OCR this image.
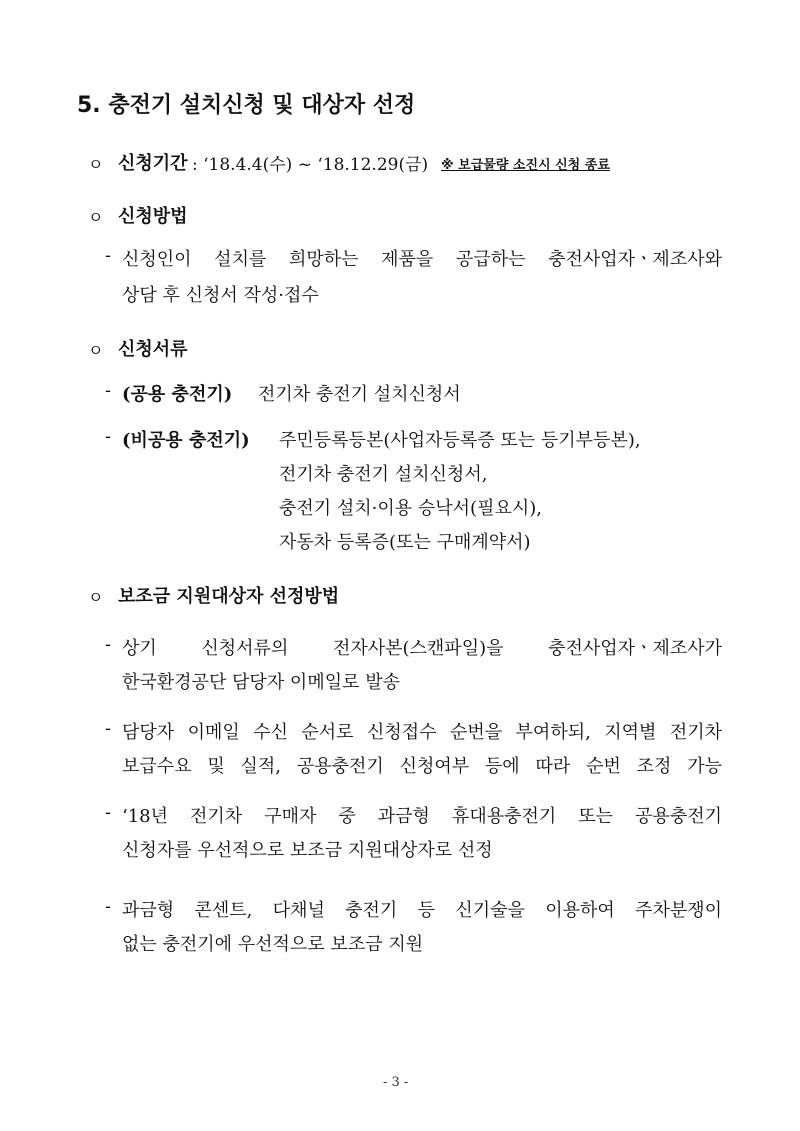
5. 충전기 설치신청 및 대상자 선정
ㅇ 신청기간 : ‘18.4.4(수) ~ ‘18.12.29(금) ※ 보급물량 소진시 신청 종료
ㅇ 신청방법
- 신청인이 설치를 희망하는 제품을 공급하는 충전사업자ㆍ제조사와
상담 후 신청서 작성·접수
ㅇ 신청서류
- (공용 충전기) 전기차 충전기 설치신청서
- (비공용 충전기) 주민등록등본(사업자등록증 또는 등기부등본),
전기차 충전기 설치신청서,
충전기 설치·이용 승낙서(필요시),
자동차 등록증(또는 구매계약서)
ㅇ 보조금 지원대상자 선정방법
- 상기 신청서류의 전자사본(스캔파일)을 충전사업자ㆍ제조사가
한국환경공단 담당자 이메일로 발송
- 담당자 이메일 수신 순서로 신청접수 순번을 부여하되, 지역별 전기차
보급수요 및 실적, 공용충전기 신청여부 등에 따라 순번 조정 가능
- ‘18년 전기차 구매자 중 과금형 휴대용충전기 또는 공용충전기
신청자를 우선적으로 보조금 지원대상자로 선정
- 과금형 콘센트, 다채널 충전기 등 신기술을 이용하여 주차분쟁이
없는 충전기에 우선적으로 보조금 지원
- 3 -
